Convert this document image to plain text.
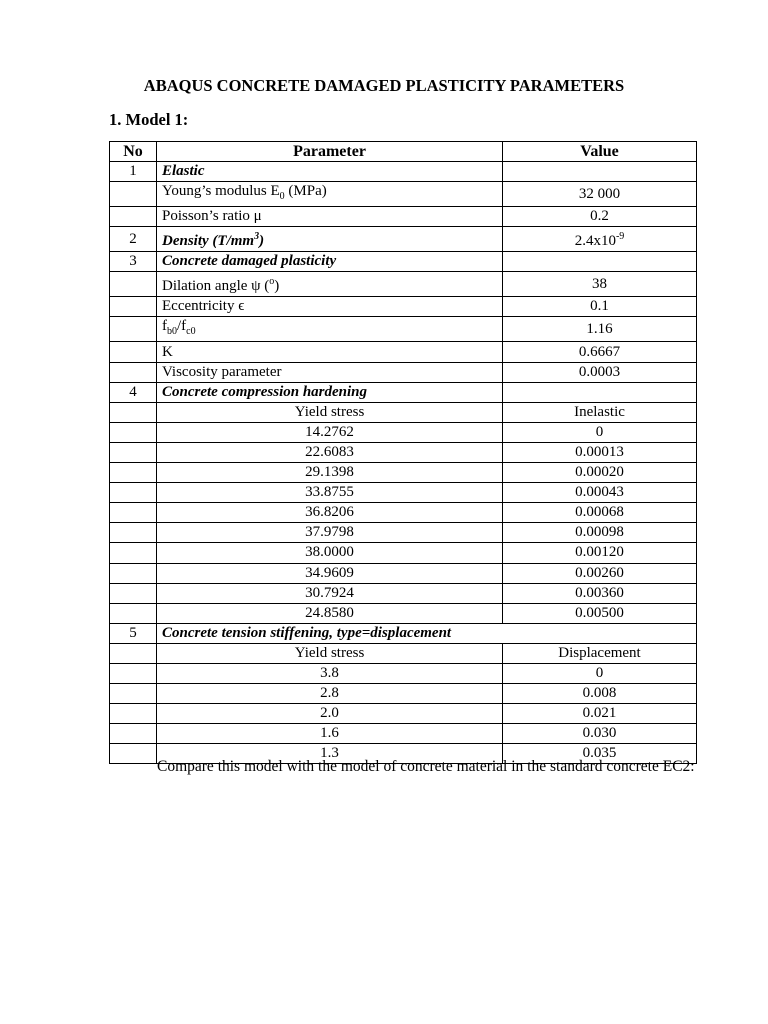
ABAQUS CONCRETE DAMAGED PLASTICITY PARAMETERS
1. Model 1:
No	Parameter	Value
1	Elastic	
	Young’s modulus $E_0$ (MPa)	32 000
	Poisson’s ratio μ	0.2
2	Density $(T/mm^3)$	$2.4x10^{-9}$
3	Concrete damaged plasticity	
	Dilation angle ψ ($^o$)	38
	Eccentricity ϵ	0.1
	$f_{b0}/f_{c0}$	1.16
	K	0.6667
	Viscosity parameter	0.0003
4	Concrete compression hardening	
	Yield stress	Inelastic
	14.2762	0
	22.6083	0.00013
	29.1398	0.00020
	33.8755	0.00043
	36.8206	0.00068
	37.9798	0.00098
	38.0000	0.00120
	34.9609	0.00260
	30.7924	0.00360
	24.8580	0.00500
5	Concrete tension stiffening, type=displacement	
	Yield stress	Displacement
	3.8	0
	2.8	0.008
	2.0	0.021
	1.6	0.030
	1.3	0.035
Compare this model with the model of concrete material in the standard concrete EC2:
